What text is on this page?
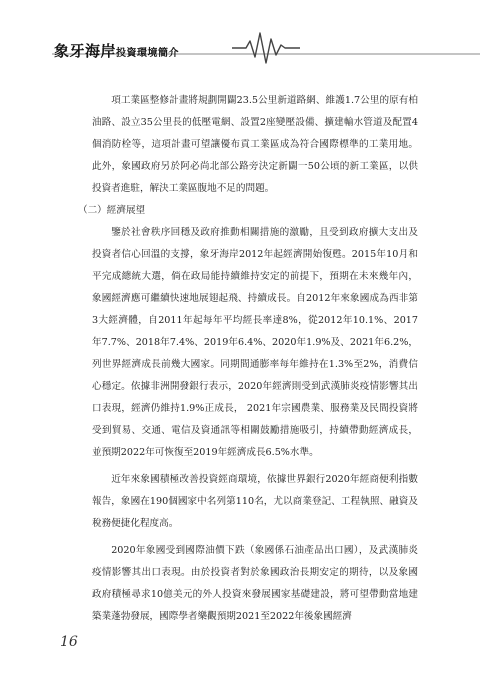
象牙海岸投資環境簡介

項工業區整修計畫將規劃開闢23.5公里新道路網、維護1.7公里的原有柏油路、設立35公里長的低壓電網、設置2座變壓設備、擴建輸水管道及配置4個消防栓等，這項計畫可望讓優布貢工業區成為符合國際標準的工業用地。此外，象國政府另於阿必尚北部公路旁決定新闢一50公頃的新工業區，以供投資者進駐，解決工業區腹地不足的問題。

（二）經濟展望

鑒於社會秩序回穩及政府推動相關措施的激勵，且受到政府擴大支出及投資者信心回溫的支撐，象牙海岸2012年起經濟開始復甦。2015年10月和平完成總統大選，倘在政局能持續維持安定的前提下，預期在未來幾年內，象國經濟應可繼續快速地展翅起飛、持續成長。自2012年來象國成為西非第3大經濟體，自2011年起每年平均經長率達8%，從2012年10.1%、2017年7.7%、2018年7.4%、2019年6.4%、2020年1.9%及、2021年6.2%，列世界經濟成長前幾大國家。同期間通膨率每年維持在1.3%至2%，消費信心穩定。依據非洲開發銀行表示，2020年經濟則受到武漢肺炎疫情影響其出口表現，經濟仍維持1.9%正成長， 2021年宗國農業、服務業及民間投資將受到貿易、交通、電信及資通訊等相關鼓勵措施吸引，持續帶動經濟成長，並預期2022年可恢復至2019年經濟成長6.5%水準。

近年來象國積極改善投資經商環境，依據世界銀行2020年經商便利指數報告，象國在190個國家中名列第110名，尤以商業登記、工程執照、融資及稅務便捷化程度高。

2020年象國受到國際油價下跌（象國係石油產品出口國），及武漢肺炎疫情影響其出口表現。由於投資者對於象國政治長期安定的期待，以及象國政府積極尋求10億美元的外人投資來發展國家基礎建設，將可望帶動當地建築業蓬勃發展，國際學者樂觀預期2021至2022年後象國經濟

16
